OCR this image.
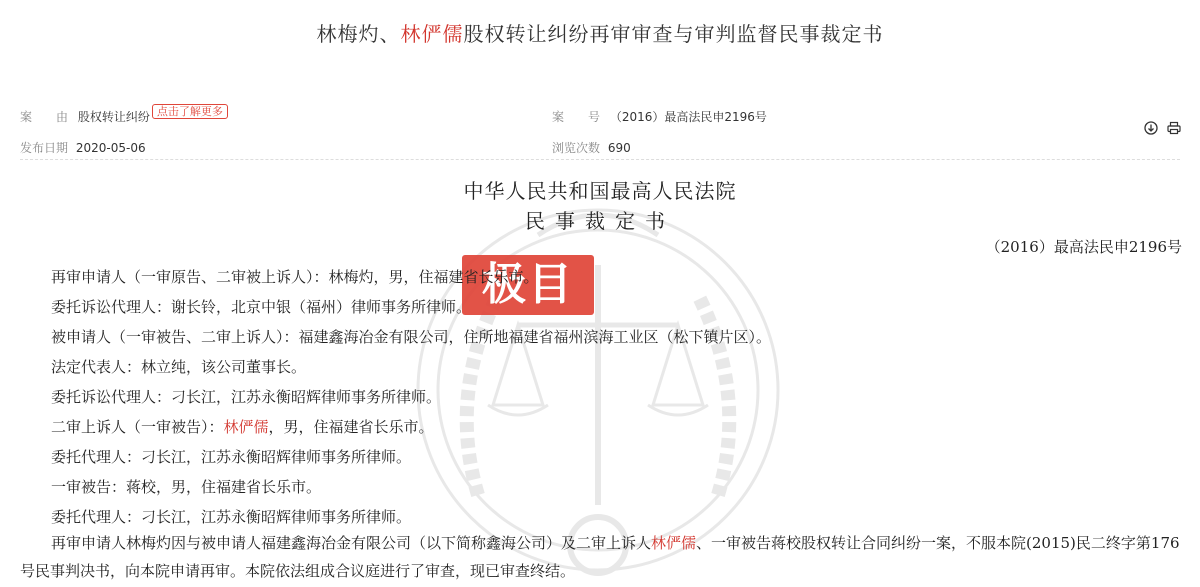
林梅灼、林俨儒股权转让纠纷再审审查与审判监督民事裁定书
案　　由 股权转让纠纷 点击了解更多	案　　号 （2016）最高法民申2196号
发布日期 2020-05-06	浏览次数 690

极目
中华人民共和国最高人民法院
民事裁定书
（2016）最高法民申2196号
再审申请人（一审原告、二审被上诉人）：林梅灼，男，住福建省长乐市。
委托诉讼代理人：谢长铃，北京中银（福州）律师事务所律师。
被申请人（一审被告、二审上诉人）：福建鑫海冶金有限公司，住所地福建省福州滨海工业区（松下镇片区）。
法定代表人：林立纯，该公司董事长。
委托诉讼代理人：刁长江，江苏永衡昭辉律师事务所律师。
二审上诉人（一审被告）：林俨儒，男，住福建省长乐市。
委托代理人：刁长江，江苏永衡昭辉律师事务所律师。
一审被告：蒋校，男，住福建省长乐市。
委托代理人：刁长江，江苏永衡昭辉律师事务所律师。
再审申请人林梅灼因与被申请人福建鑫海冶金有限公司（以下简称鑫海公司）及二审上诉人林俨儒、一审被告蒋校股权转让合同纠纷一案，不服本院(2015)民二终字第176号民事判决书，向本院申请再审。本院依法组成合议庭进行了审查，现已审查终结。
